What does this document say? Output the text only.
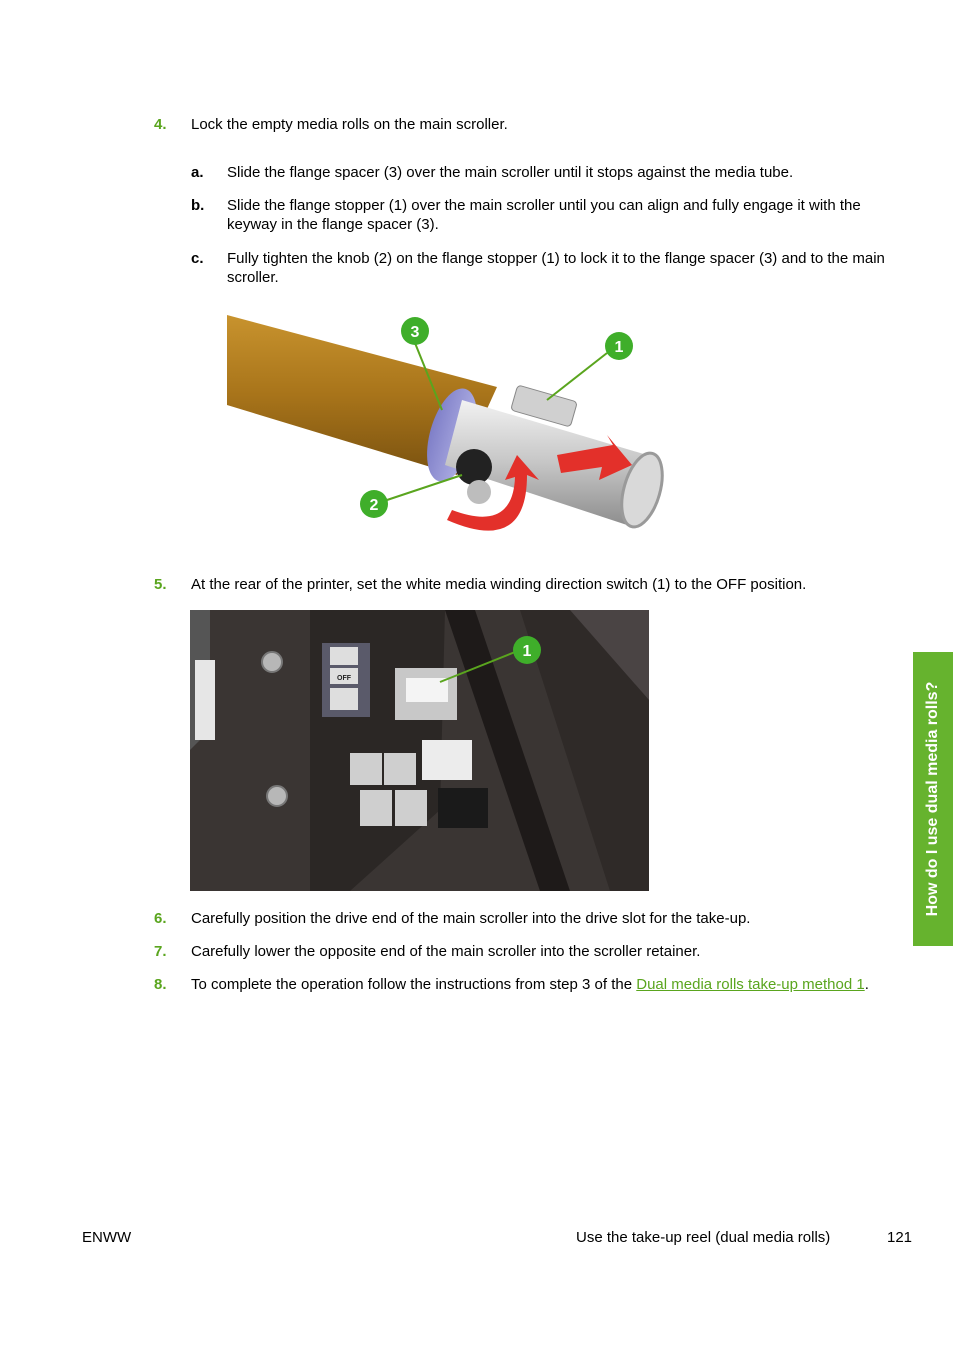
4. Lock the empty media rolls on the main scroller.
a. Slide the flange spacer (3) over the main scroller until it stops against the media tube.
b. Slide the flange stopper (1) over the main scroller until you can align and fully engage it with the keyway in the flange spacer (3).
c. Fully tighten the knob (2) on the flange stopper (1) to lock it to the flange spacer (3) and to the main scroller.
3
1
2
5. At the rear of the printer, set the white media winding direction switch (1) to the OFF position.
OFF
1
6. Carefully position the drive end of the main scroller into the drive slot for the take-up.
7. Carefully lower the opposite end of the main scroller into the scroller retainer.
8. To complete the operation follow the instructions from step 3 of the Dual media rolls take-up method 1.
How do I use dual media rolls?
ENWW	Use the take-up reel (dual media rolls)	121
